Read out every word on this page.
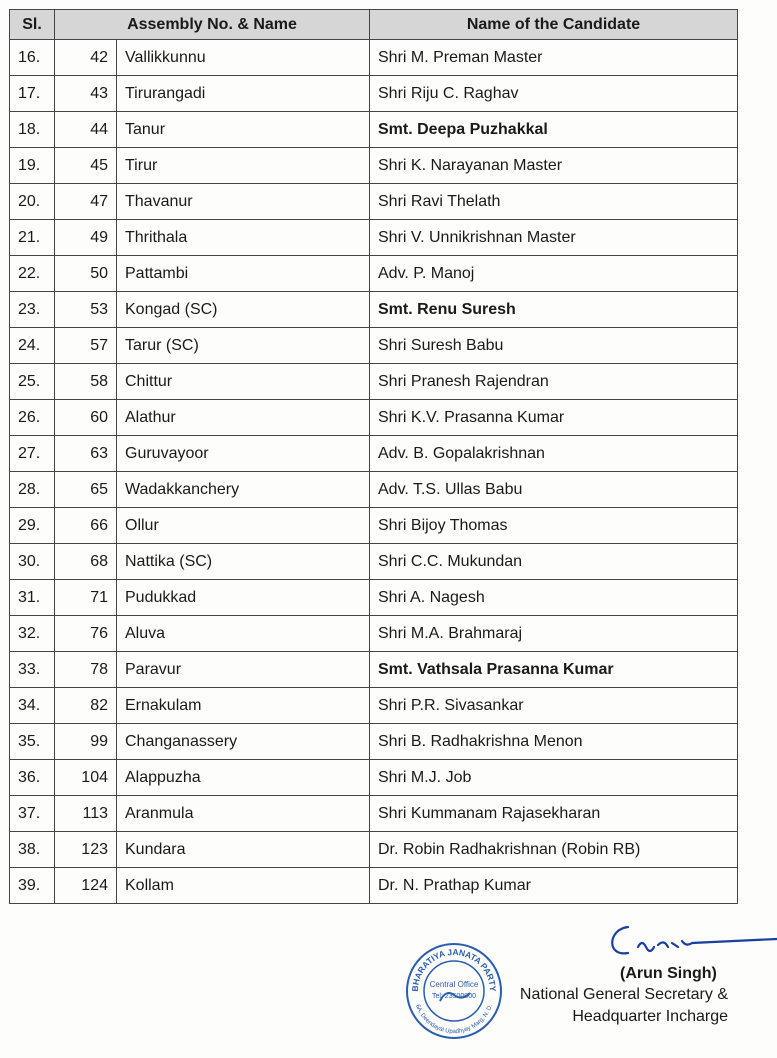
Sl.	Assembly No. & Name		Name of the Candidate
16.	42	Vallikkunnu	Shri M. Preman Master
17.	43	Tirurangadi	Shri Riju C. Raghav
18.	44	Tanur	Smt. Deepa Puzhakkal
19.	45	Tirur	Shri K. Narayanan Master
20.	47	Thavanur	Shri Ravi Thelath
21.	49	Thrithala	Shri V. Unnikrishnan Master
22.	50	Pattambi	Adv. P. Manoj
23.	53	Kongad (SC)	Smt. Renu Suresh
24.	57	Tarur (SC)	Shri Suresh Babu
25.	58	Chittur	Shri Pranesh Rajendran
26.	60	Alathur	Shri K.V. Prasanna Kumar
27.	63	Guruvayoor	Adv. B. Gopalakrishnan
28.	65	Wadakkanchery	Adv. T.S. Ullas Babu
29.	66	Ollur	Shri Bijoy Thomas
30.	68	Nattika (SC)	Shri C.C. Mukundan
31.	71	Pudukkad	Shri A. Nagesh
32.	76	Aluva	Shri M.A. Brahmaraj
33.	78	Paravur	Smt. Vathsala Prasanna Kumar
34.	82	Ernakulam	Shri P.R. Sivasankar
35.	99	Changanassery	Shri B. Radhakrishna Menon
36.	104	Alappuzha	Shri M.J. Job
37.	113	Aranmula	Shri Kummanam Rajasekharan
38.	123	Kundara	Dr. Robin Radhakrishnan (Robin RB)
39.	124	Kollam	Dr. N. Prathap Kumar
BHARATIYA JANATA PARTY
6A, Deendayal Upadhyay Marg, N. D.
Central Office
Tel: 23500000
(Arun Singh)
National General Secretary &
Headquarter Incharge
